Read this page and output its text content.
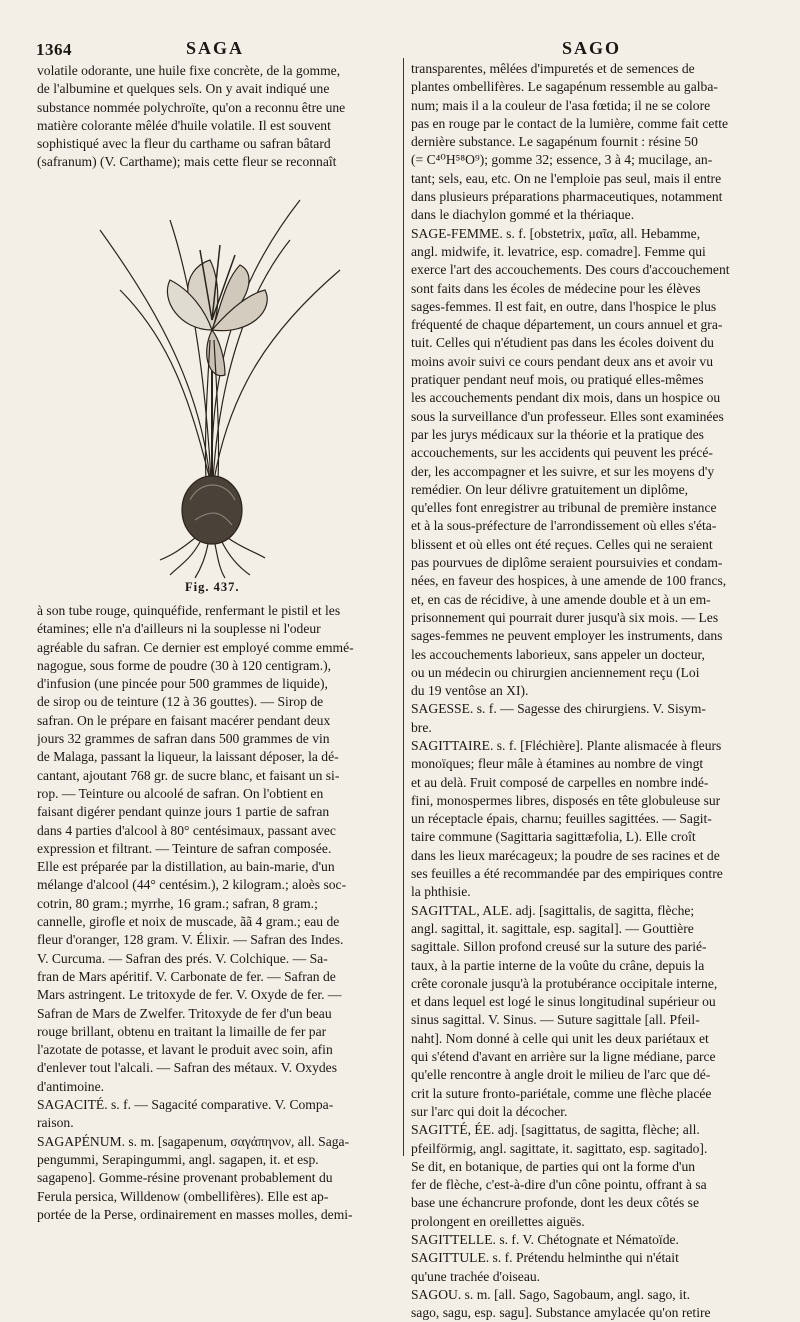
1364	SAGA	SAGO
volatile odorante, une huile fixe concrète, de la gomme,
de l'albumine et quelques sels. On y avait indiqué une
substance nommée polychroïte, qu'on a reconnu être une
matière colorante mêlée d'huile volatile. Il est souvent
sophistiqué avec la fleur du carthame ou safran bâtard
(safranum) (V. Carthame); mais cette fleur se reconnaît
Fig. 437.
à son tube rouge, quinquéfide, renfermant le pistil et les
étamines; elle n'a d'ailleurs ni la souplesse ni l'odeur
agréable du safran. Ce dernier est employé comme emmé-
nagogue, sous forme de poudre (30 à 120 centigram.),
d'infusion (une pincée pour 500 grammes de liquide),
de sirop ou de teinture (12 à 36 gouttes). — Sirop de
safran. On le prépare en faisant macérer pendant deux
jours 32 grammes de safran dans 500 grammes de vin
de Malaga, passant la liqueur, la laissant déposer, la dé-
cantant, ajoutant 768 gr. de sucre blanc, et faisant un si-
rop. — Teinture ou alcoolé de safran. On l'obtient en
faisant digérer pendant quinze jours 1 partie de safran
dans 4 parties d'alcool à 80° centésimaux, passant avec
expression et filtrant. — Teinture de safran composée.
Elle est préparée par la distillation, au bain-marie, d'un
mélange d'alcool (44° centésim.), 2 kilogram.; aloès soc-
cotrin, 80 gram.; myrrhe, 16 gram.; safran, 8 gram.;
cannelle, girofle et noix de muscade, ãã 4 gram.; eau de
fleur d'oranger, 128 gram. V. Élixir. — Safran des Indes.
V. Curcuma. — Safran des prés. V. Colchique. — Sa-
fran de Mars apéritif. V. Carbonate de fer. — Safran de
Mars astringent. Le tritoxyde de fer. V. Oxyde de fer. —
Safran de Mars de Zwelfer. Tritoxyde de fer d'un beau
rouge brillant, obtenu en traitant la limaille de fer par
l'azotate de potasse, et lavant le produit avec soin, afin
d'enlever tout l'alcali. — Safran des métaux. V. Oxydes
d'antimoine.
SAGACITÉ. s. f. — Sagacité comparative. V. Compa-
raison.
SAGAPÉNUM. s. m. [sagapenum, σαγάπηνον, all. Saga-
pengummi, Serapingummi, angl. sagapen, it. et esp.
sagapeno]. Gomme-résine provenant probablement du
Ferula persica, Willdenow (ombellifères). Elle est ap-
portée de la Perse, ordinairement en masses molles, demi-
transparentes, mêlées d'impuretés et de semences de
plantes ombellifères. Le sagapénum ressemble au galba-
num; mais il a la couleur de l'asa fœtida; il ne se colore
pas en rouge par le contact de la lumière, comme fait cette
dernière substance. Le sagapénum fournit : résine 50
(= C⁴⁰H⁵⁸O⁹); gomme 32; essence, 3 à 4; mucilage, an-
tant; sels, eau, etc. On ne l'emploie pas seul, mais il entre
dans plusieurs préparations pharmaceutiques, notamment
dans le diachylon gommé et la thériaque.
SAGE-FEMME. s. f. [obstetrix, μαῖα, all. Hebamme,
angl. midwife, it. levatrice, esp. comadre]. Femme qui
exerce l'art des accouchements. Des cours d'accouchement
sont faits dans les écoles de médecine pour les élèves
sages-femmes. Il est fait, en outre, dans l'hospice le plus
fréquenté de chaque département, un cours annuel et gra-
tuit. Celles qui n'étudient pas dans les écoles doivent du
moins avoir suivi ce cours pendant deux ans et avoir vu
pratiquer pendant neuf mois, ou pratiqué elles-mêmes
les accouchements pendant dix mois, dans un hospice ou
sous la surveillance d'un professeur. Elles sont examinées
par les jurys médicaux sur la théorie et la pratique des
accouchements, sur les accidents qui peuvent les précé-
der, les accompagner et les suivre, et sur les moyens d'y
remédier. On leur délivre gratuitement un diplôme,
qu'elles font enregistrer au tribunal de première instance
et à la sous-préfecture de l'arrondissement où elles s'éta-
blissent et où elles ont été reçues. Celles qui ne seraient
pas pourvues de diplôme seraient poursuivies et condam-
nées, en faveur des hospices, à une amende de 100 francs,
et, en cas de récidive, à une amende double et à un em-
prisonnement qui pourrait durer jusqu'à six mois. — Les
sages-femmes ne peuvent employer les instruments, dans
les accouchements laborieux, sans appeler un docteur,
ou un médecin ou chirurgien anciennement reçu (Loi
du 19 ventôse an XI).
SAGESSE. s. f. — Sagesse des chirurgiens. V. Sisym-
bre.
SAGITTAIRE. s. f. [Fléchière]. Plante alismacée à fleurs
monoïques; fleur mâle à étamines au nombre de vingt
et au delà. Fruit composé de carpelles en nombre indé-
fini, monospermes libres, disposés en tête globuleuse sur
un réceptacle épais, charnu; feuilles sagittées. — Sagit-
taire commune (Sagittaria sagittæfolia, L). Elle croît
dans les lieux marécageux; la poudre de ses racines et de
ses feuilles a été recommandée par des empiriques contre
la phthisie.
SAGITTAL, ALE. adj. [sagittalis, de sagitta, flèche;
angl. sagittal, it. sagittale, esp. sagital]. — Gouttière
sagittale. Sillon profond creusé sur la suture des parié-
taux, à la partie interne de la voûte du crâne, depuis la
crête coronale jusqu'à la protubérance occipitale interne,
et dans lequel est logé le sinus longitudinal supérieur ou
sinus sagittal. V. Sinus. — Suture sagittale [all. Pfeil-
naht]. Nom donné à celle qui unit les deux pariétaux et
qui s'étend d'avant en arrière sur la ligne médiane, parce
qu'elle rencontre à angle droit le milieu de l'arc que dé-
crit la suture fronto-pariétale, comme une flèche placée
sur l'arc qui doit la décocher.
SAGITTÉ, ÉE. adj. [sagittatus, de sagitta, flèche; all.
pfeilförmig, angl. sagittate, it. sagittato, esp. sagitado].
Se dit, en botanique, de parties qui ont la forme d'un
fer de flèche, c'est-à-dire d'un cône pointu, offrant à sa
base une échancrure profonde, dont les deux côtés se
prolongent en oreillettes aiguës.
SAGITTELLE. s. f. V. Chétognate et Nématoïde.
SAGITTULE. s. f. Prétendu helminthe qui n'était
qu'une trachée d'oiseau.
SAGOU. s. m. [all. Sago, Sagobaum, angl. sago, it.
sago, sagu, esp. sagu]. Substance amylacée qu'on retire
